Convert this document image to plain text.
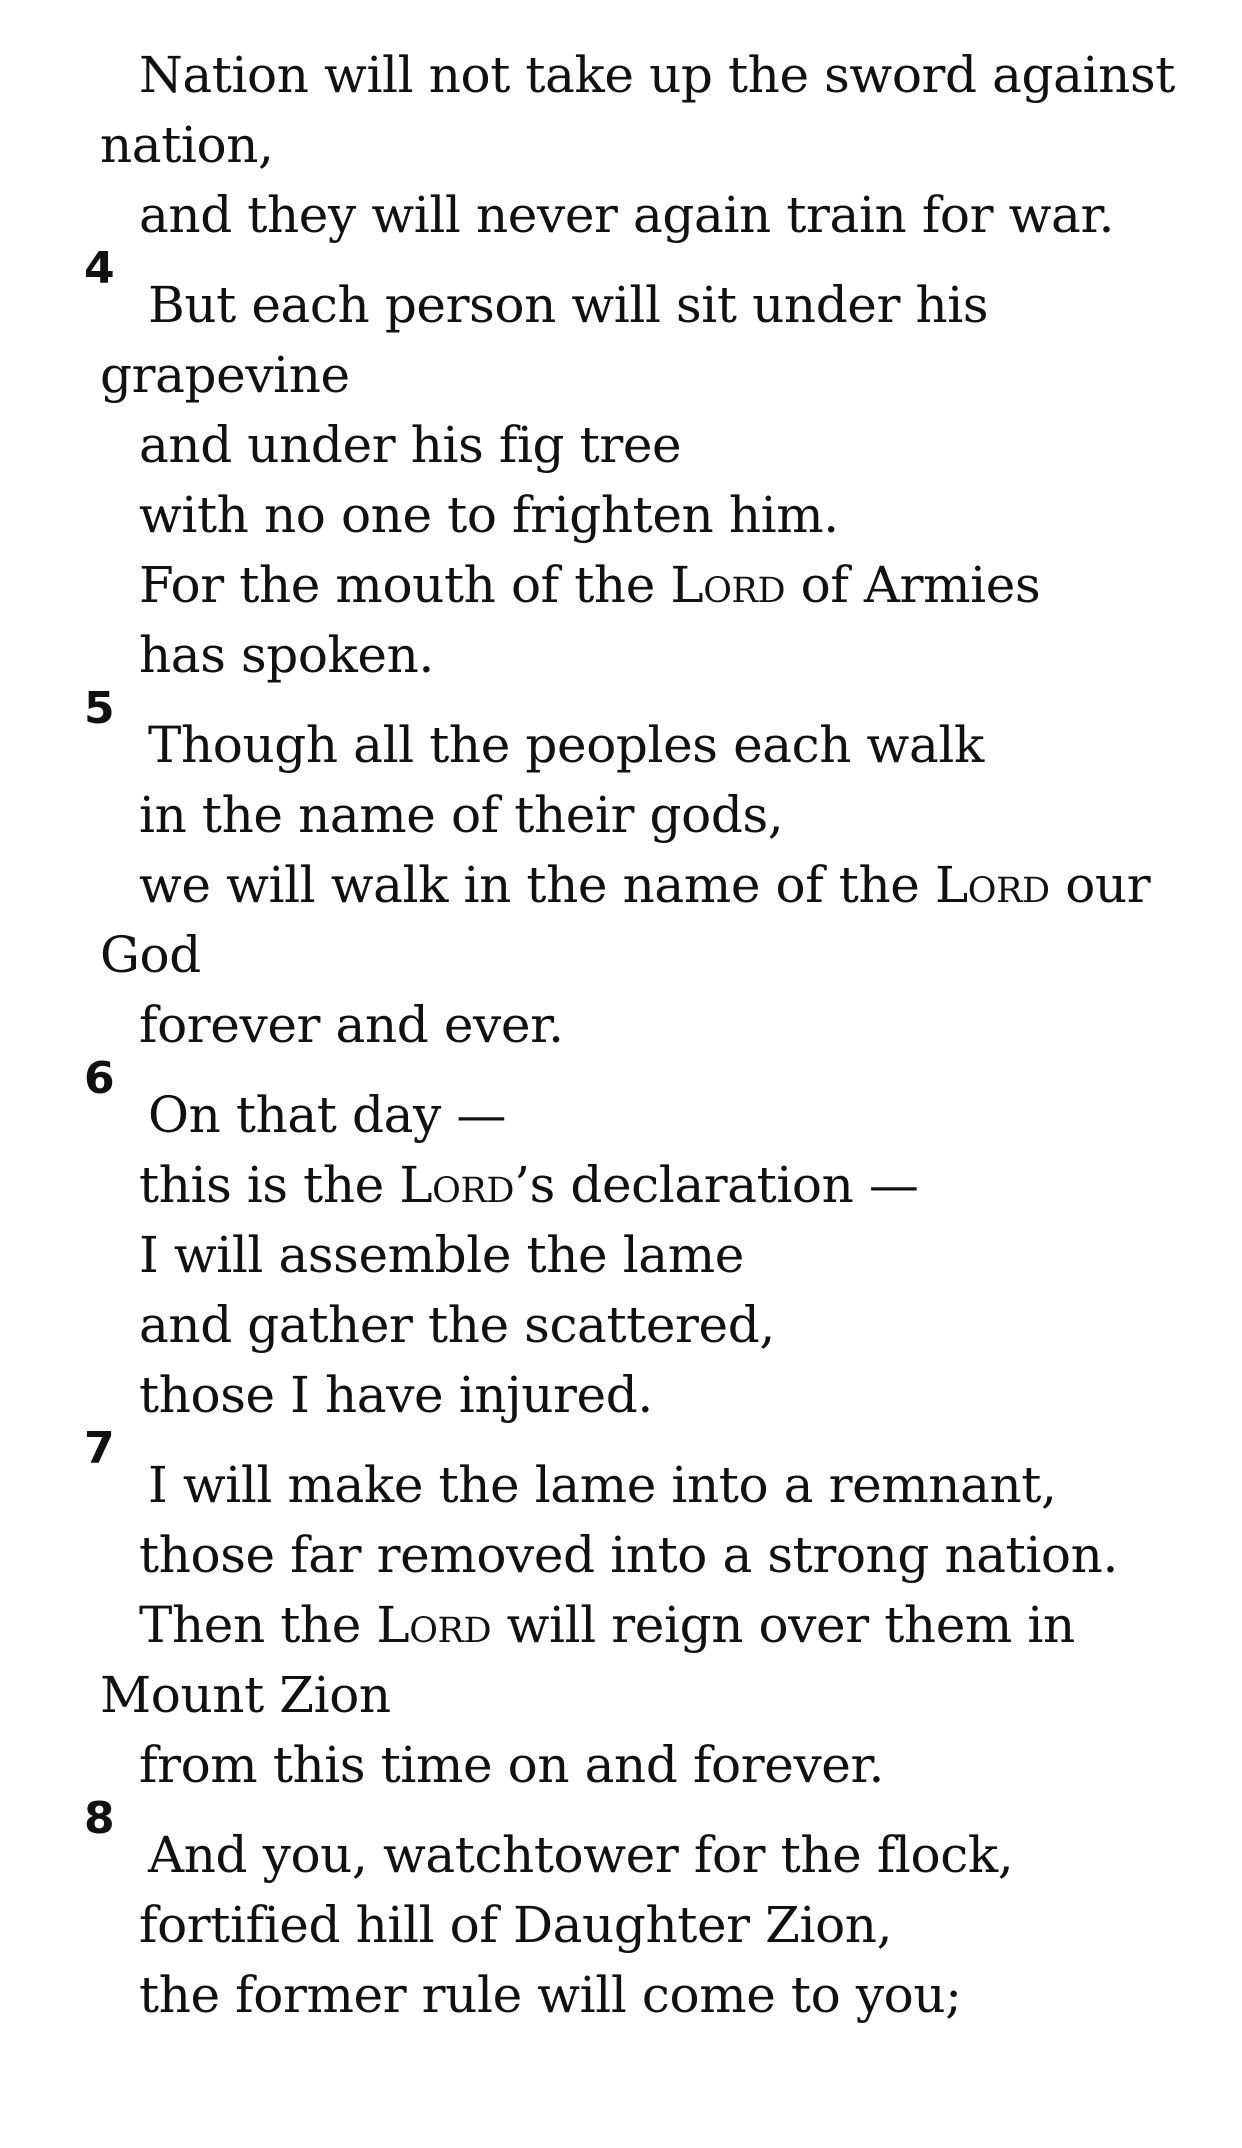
Nation will not take up the sword against
nation,
and they will never again train for war.
4
But each person will sit under his
grapevine
and under his fig tree
with no one to frighten him.
For the mouth of the Lord of Armies
has spoken.
5
Though all the peoples each walk
in the name of their gods,
we will walk in the name of the Lord our
God
forever and ever.
6
On that day —
this is the Lord’s declaration —
I will assemble the lame
and gather the scattered,
those I have injured.
7
I will make the lame into a remnant,
those far removed into a strong nation.
Then the Lord will reign over them in
Mount Zion
from this time on and forever.
8
And you, watchtower for the flock,
fortified hill of Daughter Zion,
the former rule will come to you;
